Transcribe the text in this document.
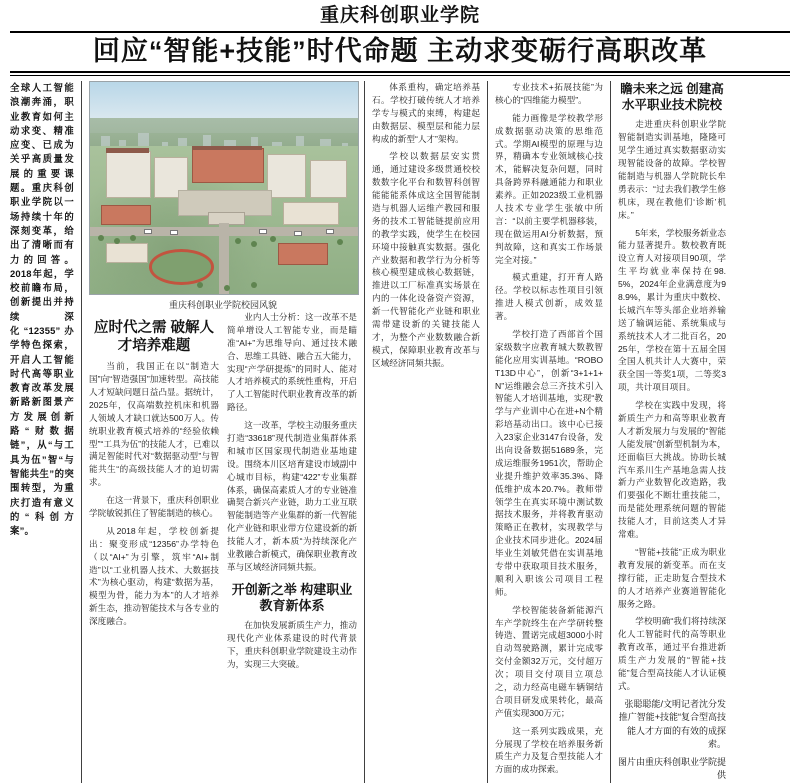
重庆科创职业学院
回应“智能+技能”时代命题 主动求变砺行高职改革
全球人工智能浪潮奔涌，职业教育如何主动求变、精准应变、已成为关乎高质量发展的重要课题。重庆科创职业学院以一场持续十年的深刻变革，给出了清晰而有力的回答。2018年起，学校前瞻布局，创新提出并持续深化“12355”办学特色探索，开启人工智能时代高等职业教育改革发展新路新图景产方发展创新路“财数据链”，从“与工具为伍”智“与智能共生”的突围转型，为重庆打造有意义的“科创方案”。
重庆科创职业学院校园风貌
应时代之需 破解人才培养难题

当前，我国正在以“制造大国”向“智造强国”加速转型。高技能人才短缺问题日益凸显。据统计，2025年，仅高端数控机床和机器人领域人才缺口就达500万人。传统职业教育模式培养的“经验依赖型”“工具为伍”的技能人才，已难以满足智能时代对“数据驱动型”与智能共生“的高级技能人才的迫切需求。

在这一背景下，重庆科创职业学院敏锐抓住了智能制造的核心。

从2018年起，学校创新提出：聚变形成“12356”办学特色（以“AI+”为引擎，筑牢“AI+制造”以“工业机器人技术、大数据技术”为核心驱动，构建“数据为基，模型为骨，能力为本”的人才培养新生态，推动智能技术与各专业的深度融合。

业内人士分析：这一改革不是简单增设人工智能专业，而是瞄准“AI+”为思维导向、通过技术融合、思维工具链、融合五大能力，实现“产学研提炼”的同时人、能对人才培养模式的系统性重构，开启了人工智能时代职业教育改革的新路径。

这一改革，学校主动服务重庆打造“33618”现代制造业集群体系和城市区国家现代制造业基地建设。围绕本川区培育建设市域副中心城市目标，构建“422”专业集群体系，确保高素质人才的专业链准确契合新兴产业链，助力工业互联智能制造等产业集群的新一代智能化产业链和职业带方位建设新的新技能人才，新本质“为持续深化产业教融合新模式，确保职业教育改革与区域经济同频共振。

开创新之举 构建职业教育新体系

在加快发展新质生产力，推动现代化产业体系建设的时代背景下，重庆科创职业学院建设主动作为，实现三大突破。

体系重构，确定培养基石。学校打破传统人才培养学专与模式的束缚，构建起由数据层、模型层和能力层构成的新型“人才”架构。

学校以数据层安实贯通，通过建设多级贯通校校数数字化平台和数智科创智能能能系体成这全国智能制造与机器人运维产教园和服务的技术工智能链提前应用的教学实践，使学生在校园环境中接触真实数据。强化产业数据和教学行为分析等核心模型建成核心数据链，推进以工厂标准真实场景在内的一体化设备资产资源，新一代智能化产业链和职业需带建设新的关键技能人才，为整个产业数数融合新模式，保障职业教育改革与区域经济同频共振。

专业技术+拓展技能”为核心的“四维能力模型”。

能力画像是学校教学形成数据驱动决策的思维范式。学期AI模型的原理与边界，精确本专业领域核心技术，能解决复杂问题，同时具备跨界科融通能力和职业素养。正如2023级工业机器人技术专业学生张敏中所言：“以前主要学机器移装，现在做运用AI分析数据，预判故障，这和真实工作场景完全对接。”

模式重建，打开育人路径。学校以标志性项目引领推进人模式创新，成效显著。

学校打造了西部首个国家级数字应教育城大数教智能化应用实训基地。“ROBOT13D中心”，创新“3+1+1+N”运维融会总三齐技术引入智能人才培训基地，实现“教学与产业训中心在进+N个精彩培基动出口。该中心已接入23家企业3147台设备，发出向设备数据51689条，完成运维服务1951次，帮助企业提升维护效率35.3%、降低维护成本20.7%。教师带领学生在真实环境中测试数据技术服务，并将教育驱动策略正在教材，实现教学与企业技术同步进化。2024届毕业生刘敏凭借在实训基地专带中获取项目技术服务，顺利入职该公司项目工程师。

学校智能装备新能源汽车产学院终生在产学研转整铸造、置诺完成超3000小时自动驾驶路测，累计完成零交付金额32万元，交付超万次；项目交付项目立项总之，动力经高电磁车辆铜结合项目研发成果转化，最高产值实现300万元；

这一系列实践成果，充分展现了学校在培养服务新质生产力及复合型技能人才方面的成功探索。

瞻未来之远 创建高水平职业技术院校

走进重庆科创职业学院智能制造实训基地，隆隆可见学生通过真实数据驱动实现智能设备的故障。学校智能制造与机器人学院院长牟勇表示：“过去我们教学生修机床，现在教他们‘诊断’机床。”

5年来，学校服务新业态能力显著提升。数校教育既设立育人对接项目90项，学生平均就业率保持在98.5%，2024年企业满意度为98.9%，累计为重庆中数校、长城汽车等头部企业培养输送了输调运能、系统集成与系统技术人才二批百名，2025年，学校在第十五届全国全国人机共计人大赛中，荣获全国一等奖1项，二等奖3项，共计项目项目。

学校在实践中发现，将新质生产力和高等职业教育人才新发展力与发展的“智能人能发展”创新型机制为本，还面临巨大挑战。协助长城汽车系川生产基地急需人技新力产业数智化改造路，我们要强化不断壮重技能二，而是能处理系统问题的智能技能人才，目前这类人才异常难。

“智能+技能”正成为职业教育发展的新变革。而在支撑行能，正走助复合型技术的人才培养产业赛道智能化服务之路。

学校明确“我们将持续深化人工智能时代的高等职业教育改革，通过平台推进新质生产力发展的“智能+技能”复合型高技能人才认证模式。

张聪聪能/文明记者沈分发推广智能+技能“复合型高技能人才方面的有效的成探索。
图片由重庆科创职业学院提供
